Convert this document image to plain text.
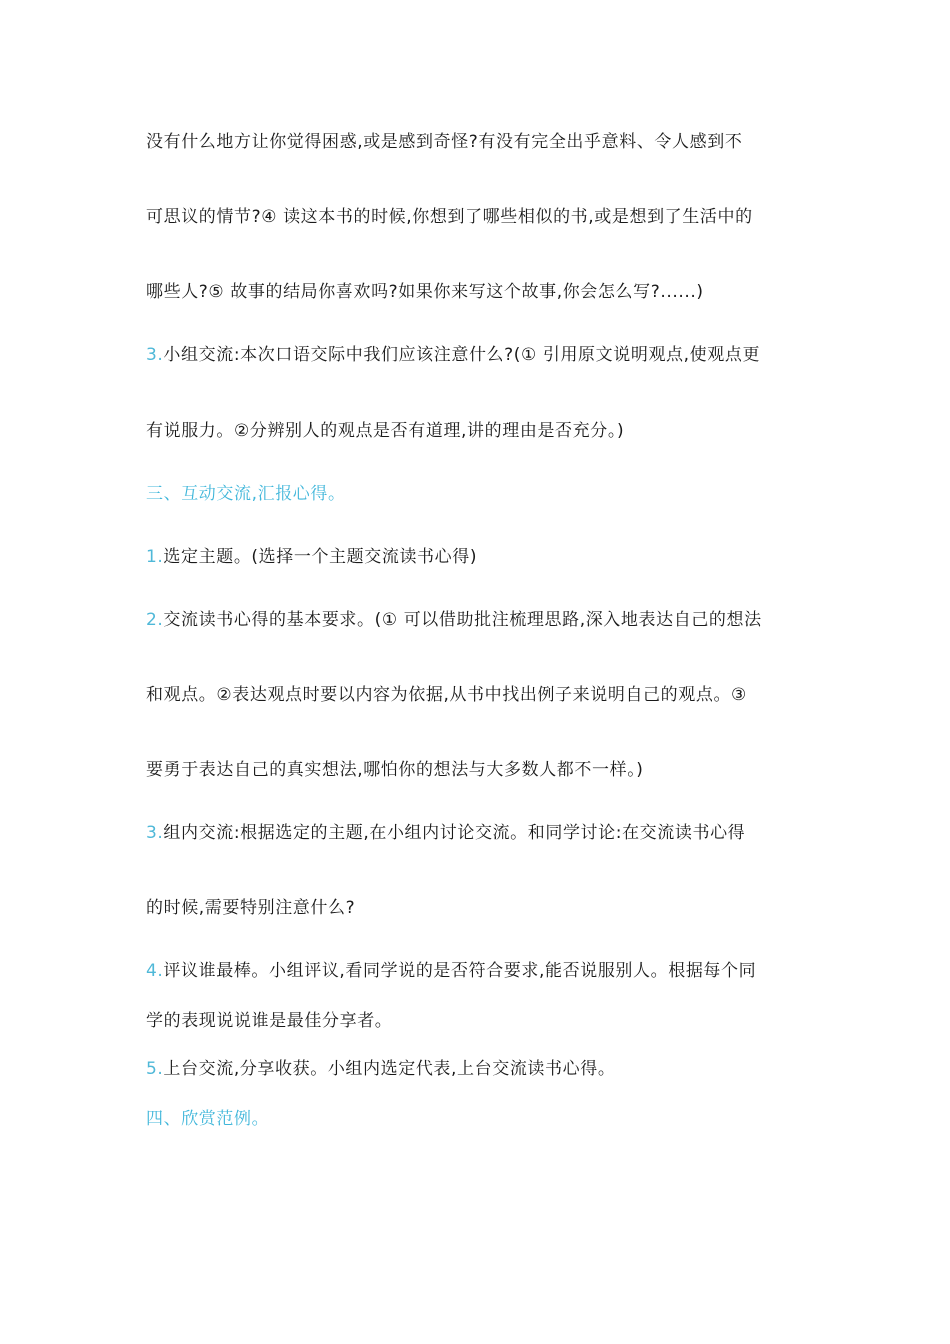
没有什么地方让你觉得困惑,或是感到奇怪?有没有完全出乎意料、令人感到不
可思议的情节?④ 读这本书的时候,你想到了哪些相似的书,或是想到了生活中的
哪些人?⑤ 故事的结局你喜欢吗?如果你来写这个故事,你会怎么写?......)
3.小组交流:本次口语交际中我们应该注意什么?(① 引用原文说明观点,使观点更
有说服力。②分辨别人的观点是否有道理,讲的理由是否充分。)
三、互动交流,汇报心得。
1.选定主题。(选择一个主题交流读书心得)
2.交流读书心得的基本要求。(① 可以借助批注梳理思路,深入地表达自己的想法
和观点。②表达观点时要以内容为依据,从书中找出例子来说明自己的观点。③
要勇于表达自己的真实想法,哪怕你的想法与大多数人都不一样。)
3.组内交流:根据选定的主题,在小组内讨论交流。和同学讨论:在交流读书心得
的时候,需要特别注意什么?
4.评议谁最棒。小组评议,看同学说的是否符合要求,能否说服别人。根据每个同
学的表现说说谁是最佳分享者。
5.上台交流,分享收获。小组内选定代表,上台交流读书心得。
四、欣赏范例。
